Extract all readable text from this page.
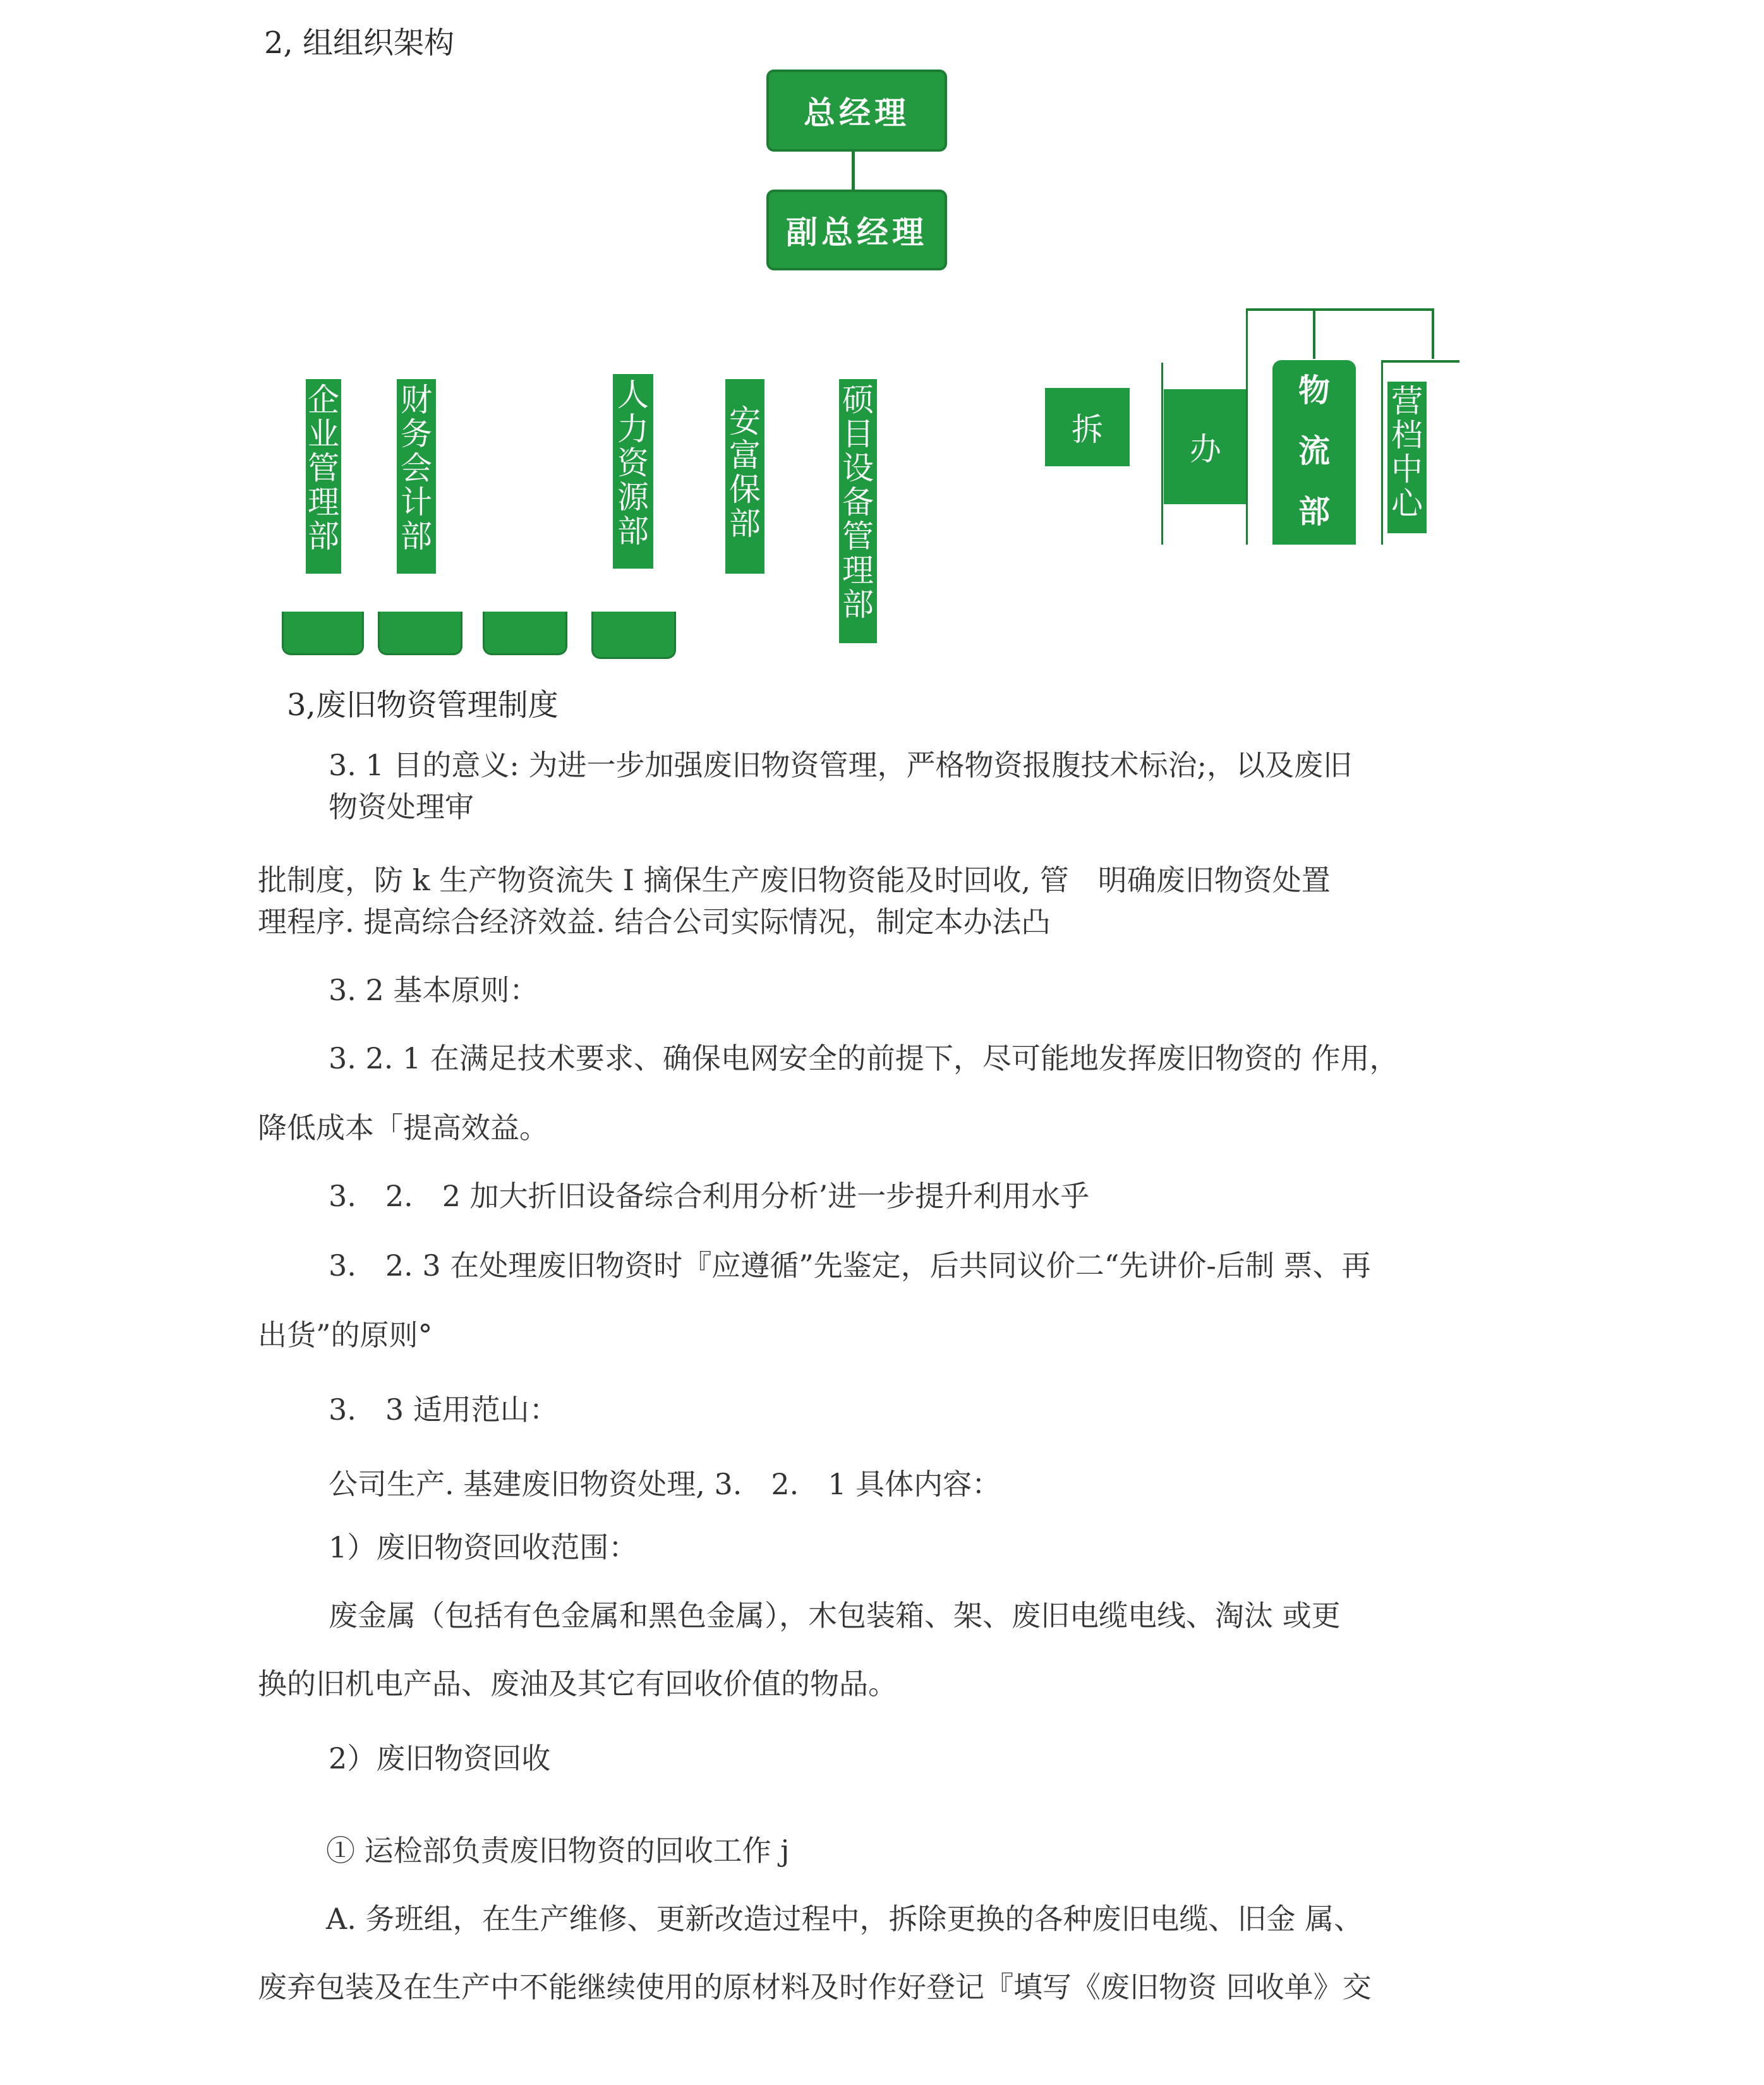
2, 组组织架构
总经理
副总经理
企
业
管
理
部
财
务
会
计
部
人
力
资
源
部
安
富
保
部
硕
目
设
备
管
理
部
拆
办
物
流
部
营
档
中
心
3,废旧物资管理制度
3. 1 目的意义: 为进一步加强废旧物资管理，严格物资报腹技术标治;，以及废旧
物资处理审
批制度，防 k 生产物资流失 I 摘保生产废旧物资能及时回收, 管　明确废旧物资处置
理程序. 提高综合经济效益. 结合公司实际情况，制定本办法凸
3. 2 基本原则：
3. 2. 1 在满足技术要求、确保电网安全的前提下，尽可能地发挥废旧物资的 作用，
降低成本「提高效益。
3.　2.　2 加大折旧设备综合利用分析’进一步提升利用水乎
3.　2. 3 在处理废旧物资时『应遵循”先鉴定，后共同议价二“先讲价-后制 票、再
出货”的原则°
3.　3 适用范山：
公司生产. 基建废旧物资处理, 3.　2.　1 具体内容：
1）废旧物资回收范围：
废金属（包括有色金属和黑色金属），木包装箱、架、废旧电缆电线、淘汰 或更
换的旧机电产品、废油及其它有回收价值的物品。
2）废旧物资回收
① 运检部负责废旧物资的回收工作 j
A. 务班组，在生产维修、更新改造过程中，拆除更换的各种废旧电缆、旧金 属、
废弃包装及在生产中不能继续使用的原材料及时作好登记『填写《废旧物资 回收单》交
